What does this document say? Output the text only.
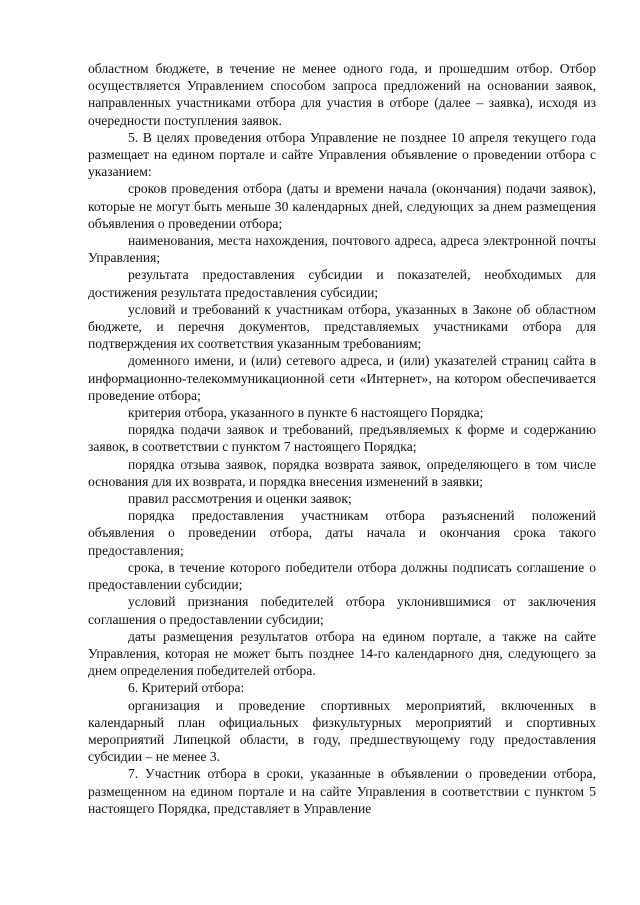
областном бюджете, в течение не менее одного года, и прошедшим отбор. Отбор осуществляется Управлением способом запроса предложений на основании заявок, направленных участниками отбора для участия в отборе (далее – заявка), исходя из очередности поступления заявок.

5. В целях проведения отбора Управление не позднее 10 апреля текущего года размещает на едином портале и сайте Управления объявление о проведении отбора с указанием:

сроков проведения отбора (даты и времени начала (окончания) подачи заявок), которые не могут быть меньше 30 календарных дней, следующих за днем размещения объявления о проведении отбора;

наименования, места нахождения, почтового адреса, адреса электронной почты Управления;

результата предоставления субсидии и показателей, необходимых для достижения результата предоставления субсидии;

условий и требований к участникам отбора, указанных в Законе об областном бюджете, и перечня документов, представляемых участниками отбора для подтверждения их соответствия указанным требованиям;

доменного имени, и (или) сетевого адреса, и (или) указателей страниц сайта в информационно-телекоммуникационной сети «Интернет», на котором обеспечивается проведение отбора;

критерия отбора, указанного в пункте 6 настоящего Порядка;

порядка подачи заявок и требований, предъявляемых к форме и содержанию заявок, в соответствии с пунктом 7 настоящего Порядка;

порядка отзыва заявок, порядка возврата заявок, определяющего в том числе основания для их возврата, и порядка внесения изменений в заявки;

правил рассмотрения и оценки заявок;

порядка предоставления участникам отбора разъяснений положений объявления о проведении отбора, даты начала и окончания срока такого предоставления;

срока, в течение которого победители отбора должны подписать соглашение о предоставлении субсидии;

условий признания победителей отбора уклонившимися от заключения соглашения о предоставлении субсидии;

даты размещения результатов отбора на едином портале, а также на сайте Управления, которая не может быть позднее 14-го календарного дня, следующего за днем определения победителей отбора.

6. Критерий отбора:

организация и проведение спортивных мероприятий, включенных в календарный план официальных физкультурных мероприятий и спортивных мероприятий Липецкой области, в году, предшествующему году предоставления субсидии – не менее 3.

7. Участник отбора в сроки, указанные в объявлении о проведении отбора, размещенном на едином портале и на сайте Управления в соответствии с пунктом 5 настоящего Порядка, представляет в Управление
